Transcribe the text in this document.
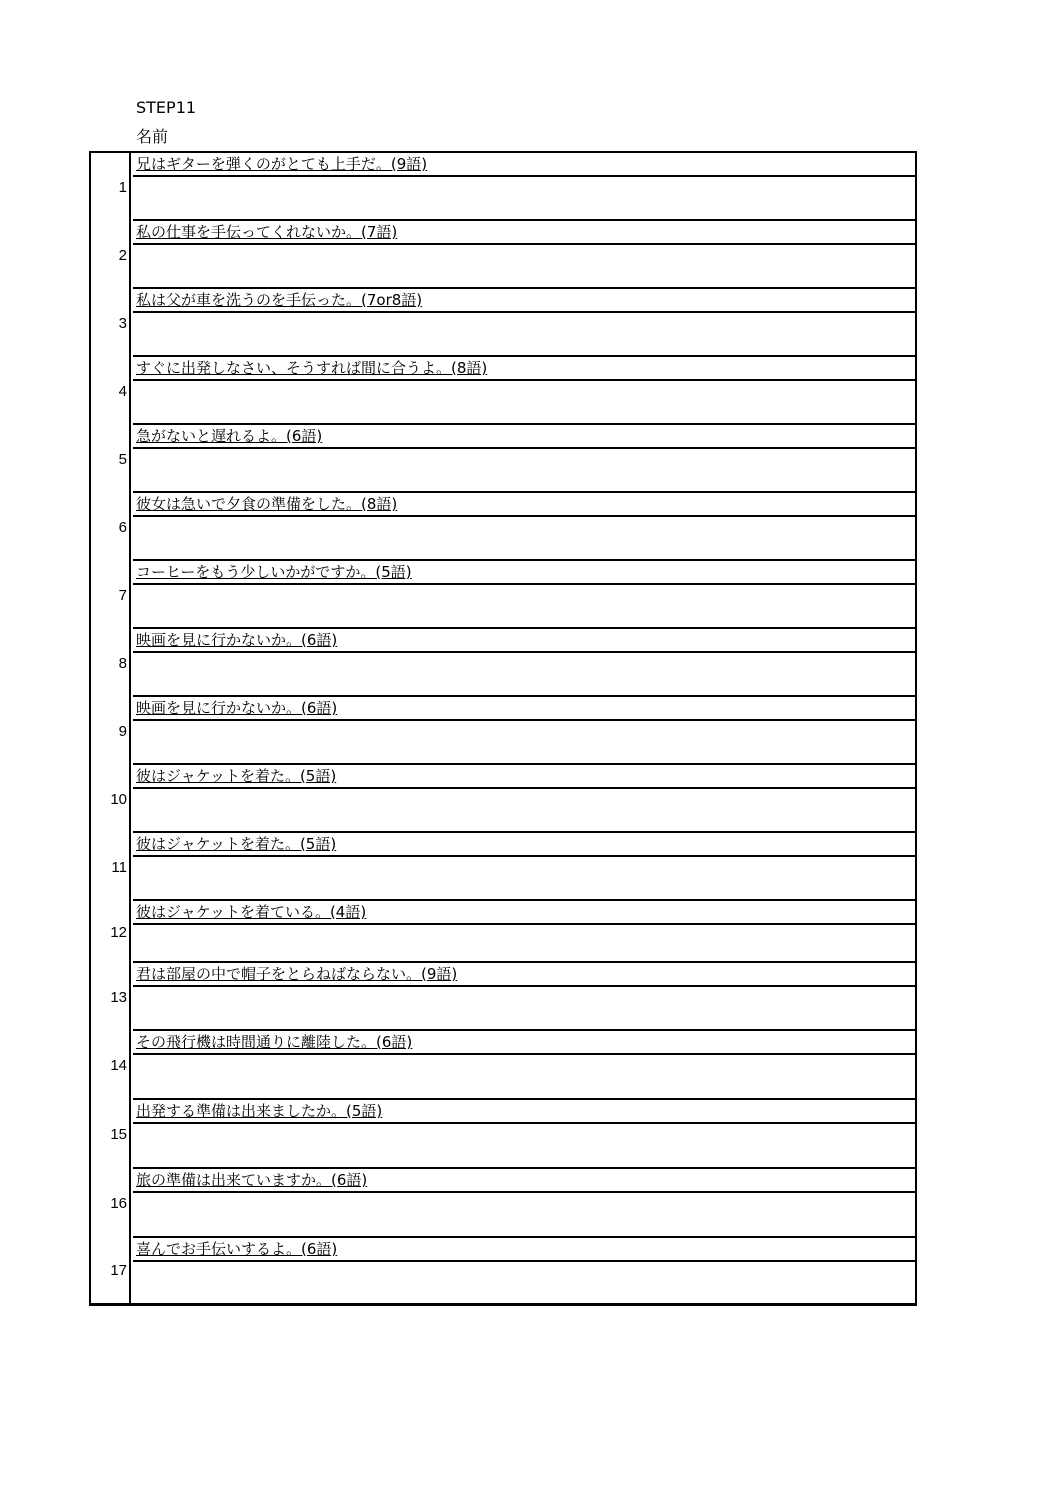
STEP11
名前
1
兄はギターを弾くのがとても上手だ。(9語)
2
私の仕事を手伝ってくれないか。(7語)
3
私は父が車を洗うのを手伝った。(7or8語)
4
すぐに出発しなさい、そうすれば間に合うよ。(8語)
5
急がないと遅れるよ。(6語)
6
彼女は急いで夕食の準備をした。(8語)
7
コーヒーをもう少しいかがですか。(5語)
8
映画を見に行かないか。(6語)
9
映画を見に行かないか。(6語)
10
彼はジャケットを着た。(5語)
11
彼はジャケットを着た。(5語)
12
彼はジャケットを着ている。(4語)
13
君は部屋の中で帽子をとらねばならない。(9語)
14
その飛行機は時間通りに離陸した。(6語)
15
出発する準備は出来ましたか。(5語)
16
旅の準備は出来ていますか。(6語)
17
喜んでお手伝いするよ。(6語)
